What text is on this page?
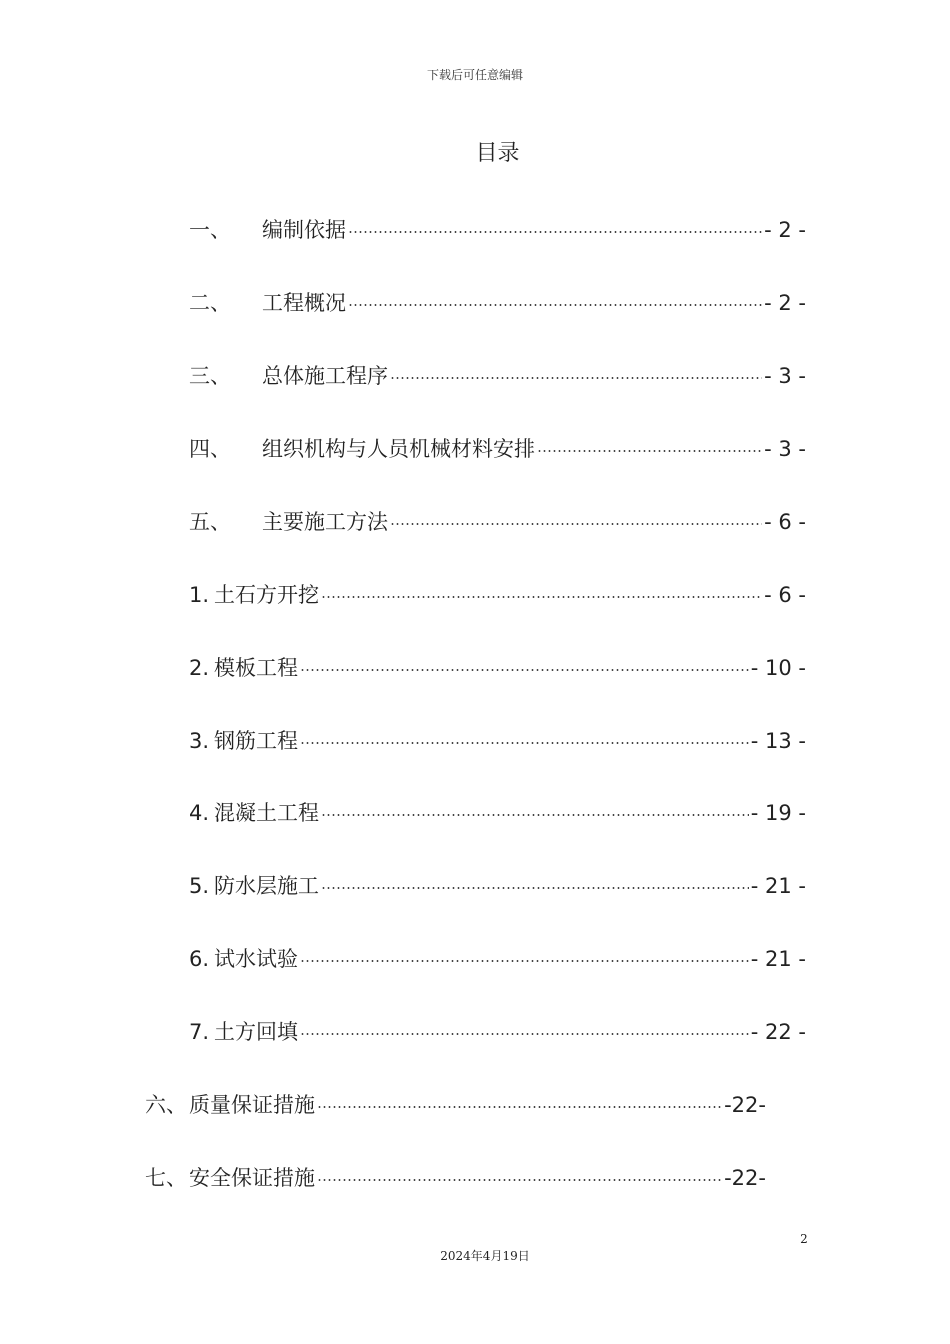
下载后可任意编辑
目录
一、	编制依据	- 2 -
二、	工程概况	- 2 -
三、	总体施工程序	- 3 -
四、	组织机构与人员机械材料安排	- 3 -
五、	主要施工方法	- 6 -
1. 土石方开挖	- 6 -
2. 模板工程	- 10 -
3. 钢筋工程	- 13 -
4. 混凝土工程	- 19 -
5. 防水层施工	- 21 -
6. 试水试验	- 21 -
7. 土方回填	- 22 -
六、 质量保证措施	-22-
七、 安全保证措施	-22-
2
2024年4月19日
